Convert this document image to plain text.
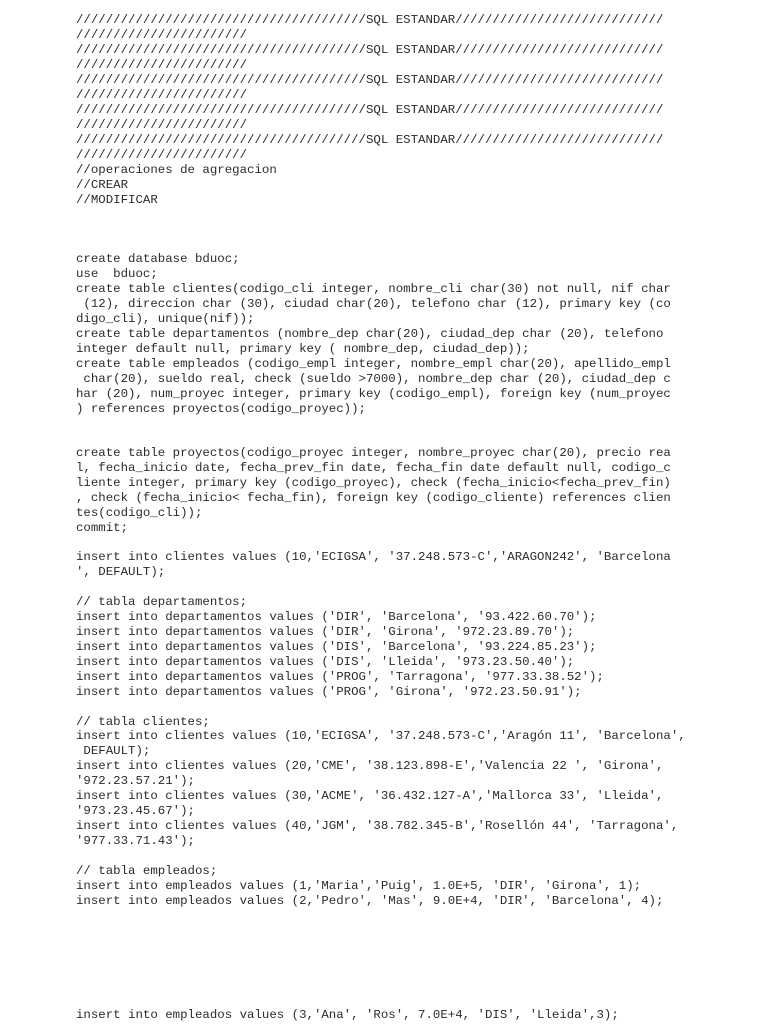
///////////////////////////////////////SQL ESTANDAR////////////////////////////

///////////////////////

///////////////////////////////////////SQL ESTANDAR////////////////////////////

///////////////////////

///////////////////////////////////////SQL ESTANDAR////////////////////////////

///////////////////////

///////////////////////////////////////SQL ESTANDAR////////////////////////////

///////////////////////

///////////////////////////////////////SQL ESTANDAR////////////////////////////

///////////////////////

//operaciones de agregacion

//CREAR

//MODIFICAR

create database bduoc;

use  bduoc;

create table clientes(codigo_cli integer, nombre_cli char(30) not null, nif char

(12), direccion char (30), ciudad char(20), telefono char (12), primary key (co

digo_cli), unique(nif));

create table departamentos (nombre_dep char(20), ciudad_dep char (20), telefono

integer default null, primary key ( nombre_dep, ciudad_dep));

create table empleados (codigo_empl integer, nombre_empl char(20), apellido_empl

char(20), sueldo real, check (sueldo >7000), nombre_dep char (20), ciudad_dep c

har (20), num_proyec integer, primary key (codigo_empl), foreign key (num_proyec

) references proyectos(codigo_proyec));

create table proyectos(codigo_proyec integer, nombre_proyec char(20), precio rea

l, fecha_inicio date, fecha_prev_fin date, fecha_fin date default null, codigo_c

liente integer, primary key (codigo_proyec), check (fecha_inicio<fecha_prev_fin)

, check (fecha_inicio< fecha_fin), foreign key (codigo_cliente) references clien

tes(codigo_cli));

commit;

insert into clientes values (10,'ECIGSA', '37.248.573-C','ARAGON242', 'Barcelona

', DEFAULT);

// tabla departamentos;

insert into departamentos values ('DIR', 'Barcelona', '93.422.60.70');

insert into departamentos values ('DIR', 'Girona', '972.23.89.70');

insert into departamentos values ('DIS', 'Barcelona', '93.224.85.23');

insert into departamentos values ('DIS', 'Lleida', '973.23.50.40');

insert into departamentos values ('PROG', 'Tarragona', '977.33.38.52');

insert into departamentos values ('PROG', 'Girona', '972.23.50.91');

// tabla clientes;

insert into clientes values (10,'ECIGSA', '37.248.573-C','Aragón 11', 'Barcelona',

DEFAULT);

insert into clientes values (20,'CME', '38.123.898-E','Valencia 22 ', 'Girona',

'972.23.57.21');

insert into clientes values (30,'ACME', '36.432.127-A','Mallorca 33', 'Lleida',

'973.23.45.67');

insert into clientes values (40,'JGM', '38.782.345-B','Rosellón 44', 'Tarragona',

'977.33.71.43');

// tabla empleados;

insert into empleados values (1,'Maria','Puig', 1.0E+5, 'DIR', 'Girona', 1);

insert into empleados values (2,'Pedro', 'Mas', 9.0E+4, 'DIR', 'Barcelona', 4);

insert into empleados values (3,'Ana', 'Ros', 7.0E+4, 'DIS', 'Lleida',3);
